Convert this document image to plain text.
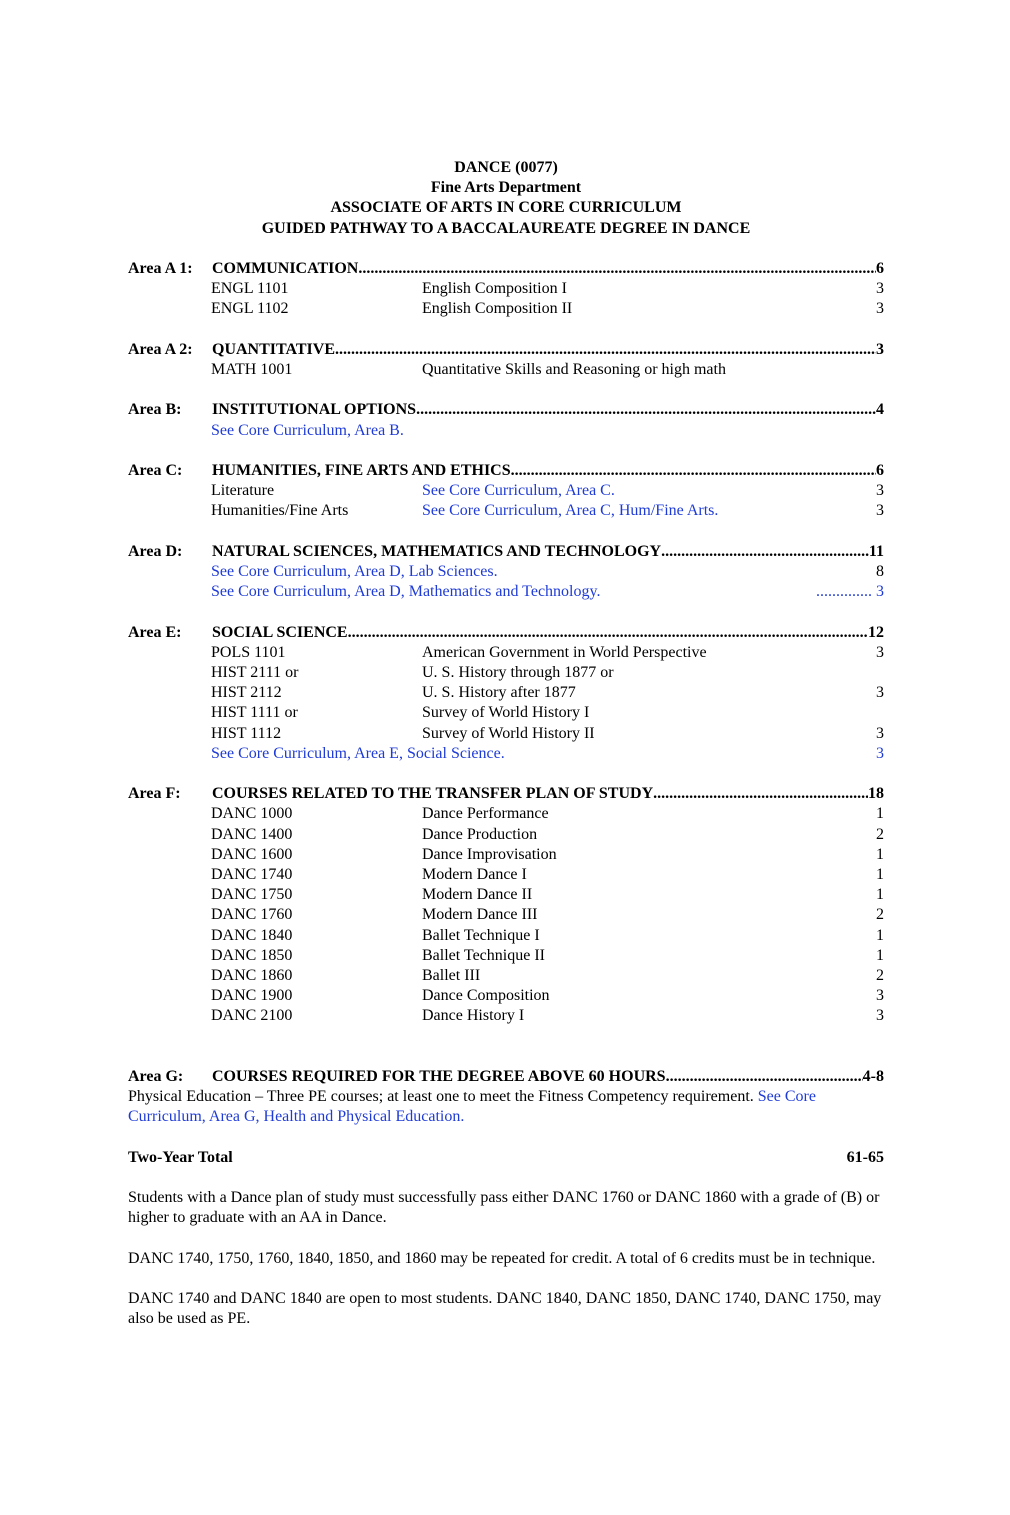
DANCE (0077)
Fine Arts Department
ASSOCIATE OF ARTS IN CORE CURRICULUM
GUIDED PATHWAY TO A BACCALAUREATE DEGREE IN DANCE
Area A 1:	COMMUNICATION .....	6
ENGL 1101	English Composition I	3
ENGL 1102	English Composition II	3
Area A 2:	QUANTITATIVE .....	3
MATH 1001	Quantitative Skills and Reasoning or high math
Area B:	INSTITUTIONAL OPTIONS .....	4
See Core Curriculum, Area B.
Area C:	HUMANITIES, FINE ARTS AND ETHICS .....	6
Literature	See Core Curriculum, Area C.	3
Humanities/Fine Arts	See Core Curriculum, Area C, Hum/Fine Arts.	3
Area D:	NATURAL SCIENCES, MATHEMATICS AND TECHNOLOGY .....	11
See Core Curriculum, Area D, Lab Sciences.	8
See Core Curriculum, Area D, Mathematics and Technology.	.............. 3
Area E:	SOCIAL SCIENCE .....	12
POLS 1101	American Government in World Perspective	3
HIST 2111 or	U. S. History through 1877 or
HIST 2112	U. S. History after 1877	3
HIST 1111 or	Survey of World History I
HIST 1112	Survey of World History II	3
See Core Curriculum, Area E, Social Science.	3
Area F:	COURSES RELATED TO THE TRANSFER PLAN OF STUDY .....	18
DANC 1000	Dance Performance	1
DANC 1400	Dance Production	2
DANC 1600	Dance Improvisation	1
DANC 1740	Modern Dance I	1
DANC 1750	Modern Dance II	1
DANC 1760	Modern Dance III	2
DANC 1840	Ballet Technique I	1
DANC 1850	Ballet Technique II	1
DANC 1860	Ballet III	2
DANC 1900	Dance Composition	3
DANC 2100	Dance History I	3
Area G:	COURSES REQUIRED FOR THE DEGREE ABOVE 60 HOURS .....	4-8
Physical Education – Three PE courses; at least one to meet the Fitness Competency requirement. See Core Curriculum, Area G, Health and Physical Education.
Two-Year Total	61-65
Students with a Dance plan of study must successfully pass either DANC 1760 or DANC 1860 with a grade of (B) or higher to graduate with an AA in Dance.
DANC 1740, 1750, 1760, 1840, 1850, and 1860 may be repeated for credit. A total of 6 credits must be in technique.
DANC 1740 and DANC 1840 are open to most students. DANC 1840, DANC 1850, DANC 1740, DANC 1750, may also be used as PE.
